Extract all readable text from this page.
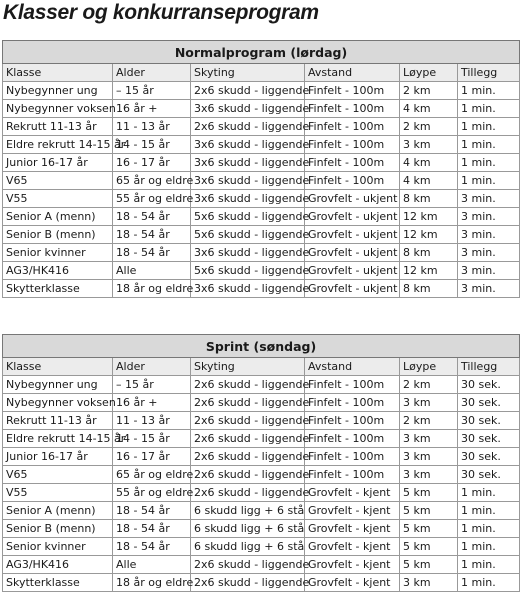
Klasser og konkurranseprogram
Normalprogram (lørdag)					
Klasse	Alder	Skyting	Avstand	Løype	Tillegg
Nybegynner ung	– 15 år	2x6 skudd - liggende	Finfelt - 100m	2 km	1 min.
Nybegynner voksen	16 år +	3x6 skudd - liggende	Finfelt - 100m	4 km	1 min.
Rekrutt 11-13 år	11 - 13 år	2x6 skudd - liggende	Finfelt - 100m	2 km	1 min.
Eldre rekrutt 14-15 år	14 - 15 år	3x6 skudd - liggende	Finfelt - 100m	3 km	1 min.
Junior 16-17 år	16 - 17 år	3x6 skudd - liggende	Finfelt - 100m	4 km	1 min.
V65	65 år og eldre	3x6 skudd - liggende	Finfelt - 100m	4 km	1 min.
V55	55 år og eldre	3x6 skudd - liggende	Grovfelt - ukjent	8 km	3 min.
Senior A (menn)	18 - 54 år	5x6 skudd - liggende	Grovfelt - ukjent	12 km	3 min.
Senior B (menn)	18 - 54 år	5x6 skudd - liggende	Grovfelt - ukjent	12 km	3 min.
Senior kvinner	18 - 54 år	3x6 skudd - liggende	Grovfelt - ukjent	8 km	3 min.
AG3/HK416	Alle	5x6 skudd - liggende	Grovfelt - ukjent	12 km	3 min.
Skytterklasse	18 år og eldre	3x6 skudd - liggende	Grovfelt - ukjent	8 km	3 min.
Sprint (søndag)					
Klasse	Alder	Skyting	Avstand	Løype	Tillegg
Nybegynner ung	– 15 år	2x6 skudd - liggende	Finfelt - 100m	2 km	30 sek.
Nybegynner voksen	16 år +	2x6 skudd - liggende	Finfelt - 100m	3 km	30 sek.
Rekrutt 11-13 år	11 - 13 år	2x6 skudd - liggende	Finfelt - 100m	2 km	30 sek.
Eldre rekrutt 14-15 år	14 - 15 år	2x6 skudd - liggende	Finfelt - 100m	3 km	30 sek.
Junior 16-17 år	16 - 17 år	2x6 skudd - liggende	Finfelt - 100m	3 km	30 sek.
V65	65 år og eldre	2x6 skudd - liggende	Finfelt - 100m	3 km	30 sek.
V55	55 år og eldre	2x6 skudd - liggende	Grovfelt - kjent	5 km	1 min.
Senior A (menn)	18 - 54 år	6 skudd ligg + 6 stå	Grovfelt - kjent	5 km	1 min.
Senior B (menn)	18 - 54 år	6 skudd ligg + 6 stå	Grovfelt - kjent	5 km	1 min.
Senior kvinner	18 - 54 år	6 skudd ligg + 6 stå	Grovfelt - kjent	5 km	1 min.
AG3/HK416	Alle	2x6 skudd - liggende	Grovfelt - kjent	5 km	1 min.
Skytterklasse	18 år og eldre	2x6 skudd - liggende	Grovfelt - kjent	3 km	1 min.
